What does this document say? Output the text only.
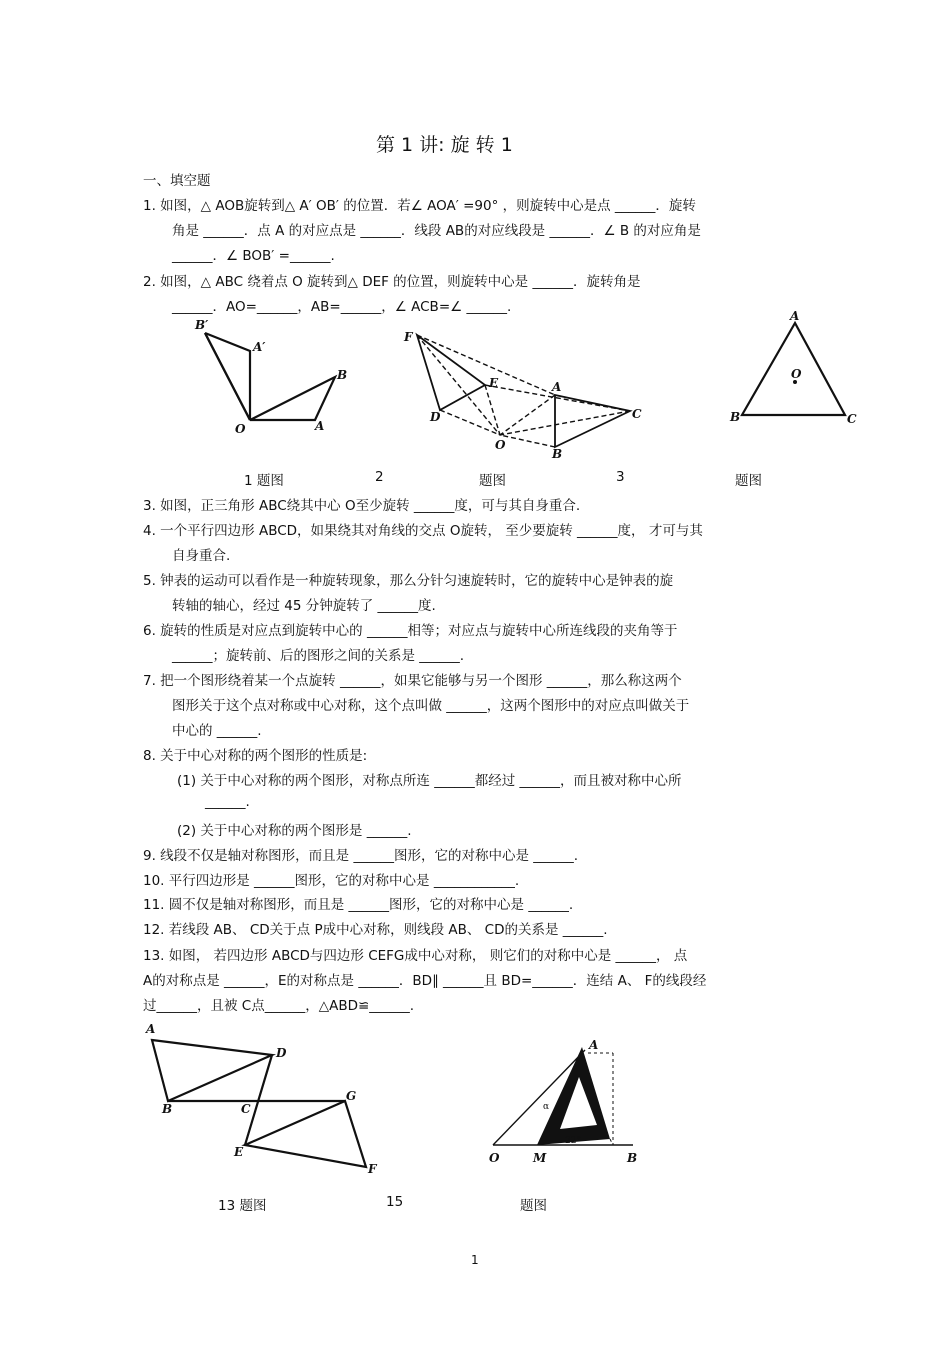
第 1 讲: 旋 转 1
一、填空题
1. 如图，△ AOB旋转到△ A′ OB′ 的位置．若∠ AOA′ =90° ，则旋转中心是点 ______．旋转
角是 ______．点 A 的对应点是 ______．线段 AB的对应线段是 ______．∠ B 的对应角是
______．∠ BOB′ =______.
2. 如图，△ ABC 绕着点 O 旋转到△ DEF 的位置，则旋转中心是 ______．旋转角是
______．AO=______，AB=______，∠ ACB=∠ ______.
B′
A′
B
O	A
F
E
D
A
C
O
B
A
O
B	C
1 题图	2	题图	3	题图
3. 如图，正三角形 ABC绕其中心 O至少旋转 ______度，可与其自身重合.
4. 一个平行四边形 ABCD，如果绕其对角线的交点 O旋转， 至少要旋转 ______度， 才可与其
自身重合.
5. 钟表的运动可以看作是一种旋转现象，那么分针匀速旋转时，它的旋转中心是钟表的旋
转轴的轴心，经过 45 分钟旋转了 ______度.
6. 旋转的性质是对应点到旋转中心的 ______相等；对应点与旋转中心所连线段的夹角等于
______；旋转前、后的图形之间的关系是 ______.
7. 把一个图形绕着某一个点旋转 ______，如果它能够与另一个图形 ______，那么称这两个
图形关于这个点对称或中心对称，这个点叫做 ______，这两个图形中的对应点叫做关于
中心的 ______.
8. 关于中心对称的两个图形的性质是:
(1) 关于中心对称的两个图形，对称点所连 ______都经过 ______，而且被对称中心所
______.
(2) 关于中心对称的两个图形是 ______.
9. 线段不仅是轴对称图形，而且是 ______图形，它的对称中心是 ______.
10. 平行四边形是 ______图形，它的对称中心是 ____________.
11. 圆不仅是轴对称图形，而且是 ______图形，它的对称中心是 ______.
12. 若线段 AB、 CD关于点 P成中心对称，则线段 AB、 CD的关系是 ______.
13. 如图， 若四边形 ABCD与四边形 CEFG成中心对称， 则它们的对称中心是 ______， 点
A的对称点是 ______，E的对称点是 ______．BD∥ ______且 BD=______．连结 A、 F的线段经
过______，且被 C点______，△ABD≌______.
A
D
B	C
G
E
F
A
α
22°
O	M	B
13 题图	15	题图
1
